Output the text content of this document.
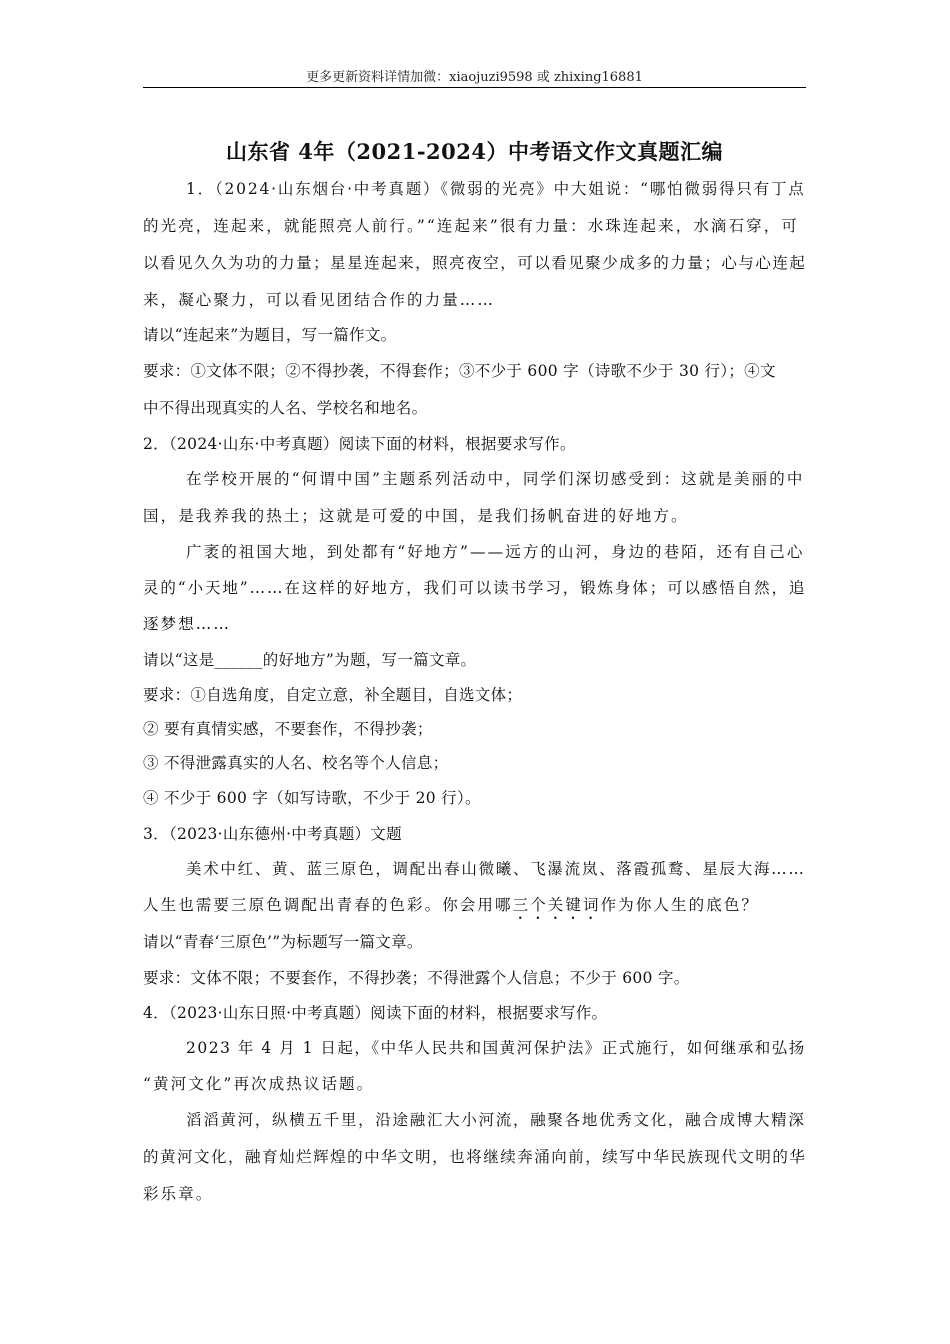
更多更新资料详情加微：xiaojuzi9598 或 zhixing16881
山东省 4年（2021-2024）中考语文作文真题汇编
1．（2024·山东烟台·中考真题）《微弱的光亮》中大姐说：“哪怕微弱得只有丁点
的光亮，连起来，就能照亮人前行。”“连起来”很有力量：水珠连起来，水滴石穿，可
以看见久久为功的力量；星星连起来，照亮夜空，可以看见聚少成多的力量；心与心连起
来，凝心聚力，可以看见团结合作的力量……
请以“连起来”为题目，写一篇作文。
要求：①文体不限；②不得抄袭，不得套作；③不少于 600 字（诗歌不少于 30 行）；④文
中不得出现真实的人名、学校名和地名。
2．（2024·山东·中考真题）阅读下面的材料，根据要求写作。
在学校开展的“何谓中国”主题系列活动中，同学们深切感受到：这就是美丽的中
国，是我养我的热土；这就是可爱的中国，是我们扬帆奋进的好地方。
广袤的祖国大地，到处都有“好地方”——远方的山河，身边的巷陌，还有自己心
灵的“小天地”……在这样的好地方，我们可以读书学习，锻炼身体；可以感悟自然，追
逐梦想……
请以“这是______的好地方”为题，写一篇文章。
要求：①自选角度，自定立意，补全题目，自选文体；
② 要有真情实感，不要套作，不得抄袭；
③ 不得泄露真实的人名、校名等个人信息；
④ 不少于 600 字（如写诗歌，不少于 20 行）。
3．（2023·山东德州·中考真题）文题
美术中红、黄、蓝三原色，调配出春山微曦、飞瀑流岚、落霞孤鹜、星辰大海……
人生也需要三原色调配出青春的色彩。你会用哪三个关键词作为你人生的底色？
请以“青春‘三原色’”为标题写一篇文章。
要求：文体不限；不要套作，不得抄袭；不得泄露个人信息；不少于 600 字。
4．（2023·山东日照·中考真题）阅读下面的材料，根据要求写作。
2023 年 4 月 1 日起，《中华人民共和国黄河保护法》正式施行，如何继承和弘扬
“黄河文化”再次成热议话题。
滔滔黄河，纵横五千里，沿途融汇大小河流，融聚各地优秀文化，融合成博大精深
的黄河文化，融育灿烂辉煌的中华文明，也将继续奔涌向前，续写中华民族现代文明的华
彩乐章。
